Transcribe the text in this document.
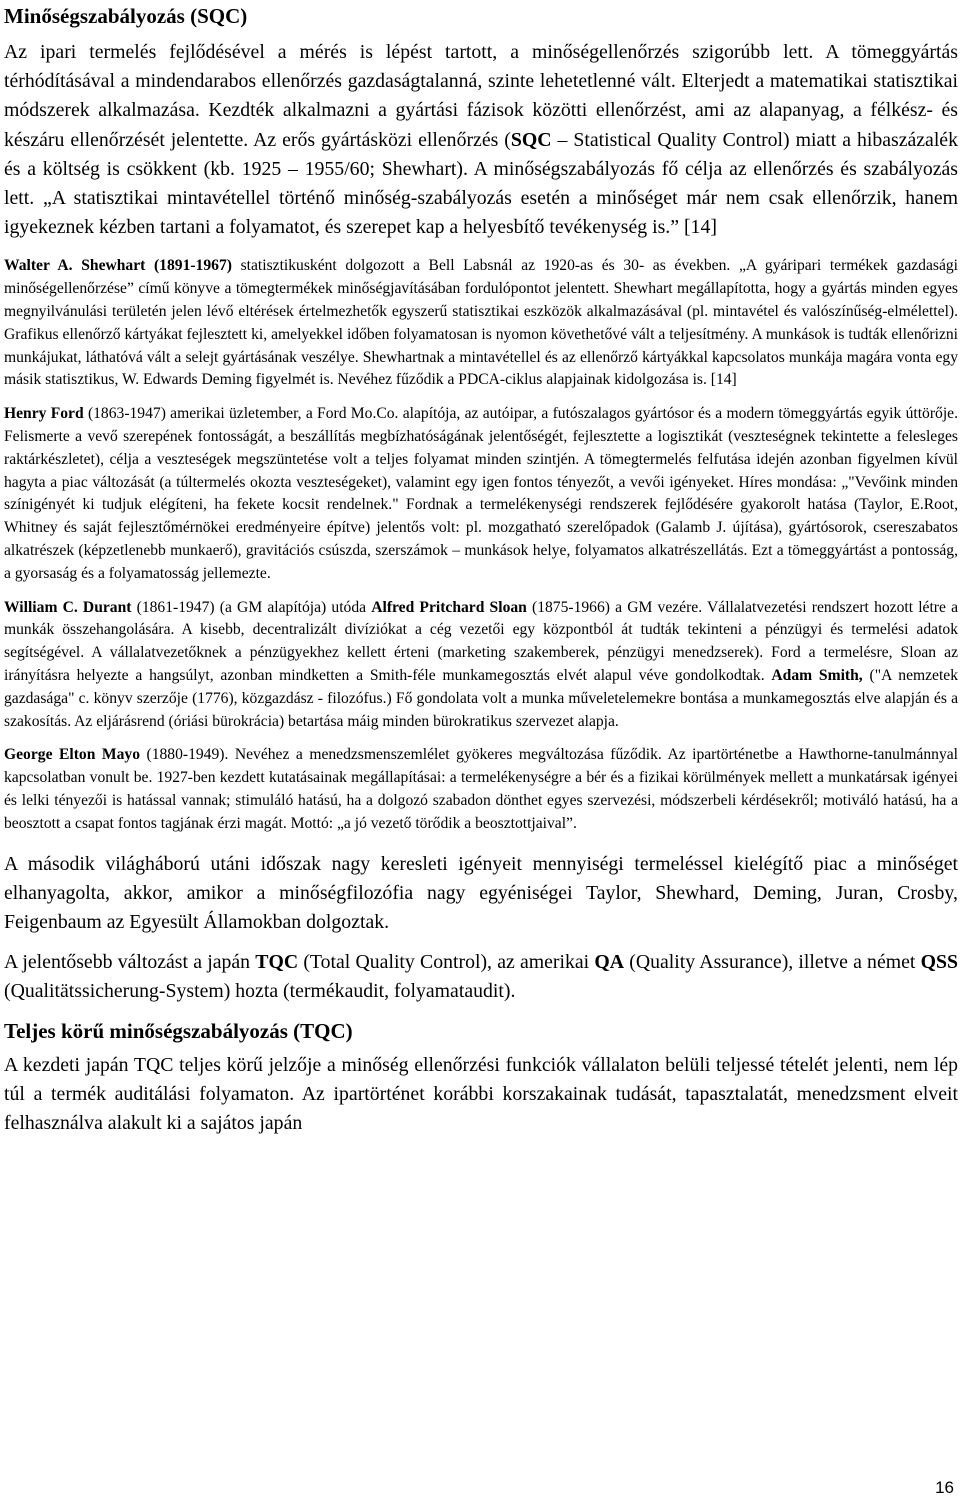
Minőségszabályozás (SQC)

Az ipari termelés fejlődésével a mérés is lépést tartott, a minőségellenőrzés szigorúbb lett. A tömeggyártás térhódításával a mindendarabos ellenőrzés gazdaságtalanná, szinte lehetetlenné vált. Elterjedt a matematikai statisztikai módszerek alkalmazása. Kezdték alkalmazni a gyártási fázisok közötti ellenőrzést, ami az alapanyag, a félkész- és készáru ellenőrzését jelentette. Az erős gyártásközi ellenőrzés (SQC – Statistical Quality Control) miatt a hibaszázalék és a költség is csökkent (kb. 1925 – 1955/60; Shewhart). A minőségszabályozás fő célja az ellenőrzés és szabályozás lett. „A statisztikai mintavétellel történő minőség-szabályozás esetén a minőséget már nem csak ellenőrzik, hanem igyekeznek kézben tartani a folyamatot, és szerepet kap a helyesbítő tevékenység is.” [14]

Walter A. Shewhart (1891-1967) statisztikusként dolgozott a Bell Labsnál az 1920-as és 30- as években. „A gyáripari termékek gazdasági minőségellenőrzése” című könyve a tömegtermékek minőségjavításában fordulópontot jelentett. Shewhart megállapította, hogy a gyártás minden egyes megnyilvánulási területén jelen lévő eltérések értelmezhetők egyszerű statisztikai eszközök alkalmazásával (pl. mintavétel és valószínűség-elmélettel). Grafikus ellenőrző kártyákat fejlesztett ki, amelyekkel időben folyamatosan is nyomon követhetővé vált a teljesítmény. A munkások is tudták ellenőrizni munkájukat, láthatóvá vált a selejt gyártásának veszélye. Shewhartnak a mintavétellel és az ellenőrző kártyákkal kapcsolatos munkája magára vonta egy másik statisztikus, W. Edwards Deming figyelmét is. Nevéhez fűződik a PDCA-ciklus alapjainak kidolgozása is. [14]

Henry Ford (1863-1947) amerikai üzletember, a Ford Mo.Co. alapítója, az autóipar, a futószalagos gyártósor és a modern tömeggyártás egyik úttörője. Felismerte a vevő szerepének fontosságát, a beszállítás megbízhatóságának jelentőségét, fejlesztette a logisztikát (veszteségnek tekintette a felesleges raktárkészletet), célja a veszteségek megszüntetése volt a teljes folyamat minden szintjén. A tömegtermelés felfutása idején azonban figyelmen kívül hagyta a piac változását (a túltermelés okozta veszteségeket), valamint egy igen fontos tényezőt, a vevői igényeket. Híres mondása: „"Vevőink minden színigényét ki tudjuk elégíteni, ha fekete kocsit rendelnek." Fordnak a termelékenységi rendszerek fejlődésére gyakorolt hatása (Taylor, E.Root, Whitney és saját fejlesztőmérnökei eredményeire építve) jelentős volt: pl. mozgatható szerelőpadok (Galamb J. újítása), gyártósorok, csereszabatos alkatrészek (képzetlenebb munkaerő), gravitációs csúszda, szerszámok – munkások helye, folyamatos alkatrészellátás. Ezt a tömeggyártást a pontosság, a gyorsaság és a folyamatosság jellemezte.

William C. Durant (1861-1947) (a GM alapítója) utóda Alfred Pritchard Sloan (1875-1966) a GM vezére. Vállalatvezetési rendszert hozott létre a munkák összehangolására. A kisebb, decentralizált divíziókat a cég vezetői egy központból át tudták tekinteni a pénzügyi és termelési adatok segítségével. A vállalatvezetőknek a pénzügyekhez kellett érteni (marketing szakemberek, pénzügyi menedzserek). Ford a termelésre, Sloan az irányításra helyezte a hangsúlyt, azonban mindketten a Smith-féle munkamegosztás elvét alapul véve gondolkodtak. Adam Smith, ("A nemzetek gazdasága" c. könyv szerzője (1776), közgazdász - filozófus.) Fő gondolata volt a munka műveletelemekre bontása a munkamegosztás elve alapján és a szakosítás. Az eljárásrend (óriási bürokrácia) betartása máig minden bürokratikus szervezet alapja.

George Elton Mayo (1880-1949). Nevéhez a menedzsmenszemlélet gyökeres megváltozása fűződik. Az ipartörténetbe a Hawthorne-tanulmánnyal kapcsolatban vonult be. 1927-ben kezdett kutatásainak megállapításai: a termelékenységre a bér és a fizikai körülmények mellett a munkatársak igényei és lelki tényezői is hatással vannak; stimuláló hatású, ha a dolgozó szabadon dönthet egyes szervezési, módszerbeli kérdésekről; motiváló hatású, ha a beosztott a csapat fontos tagjának érzi magát. Mottó: „a jó vezető törődik a beosztottjaival”.

A második világháború utáni időszak nagy keresleti igényeit mennyiségi termeléssel kielégítő piac a minőséget elhanyagolta, akkor, amikor a minőségfilozófia nagy egyéniségei Taylor, Shewhard, Deming, Juran, Crosby, Feigenbaum az Egyesült Államokban dolgoztak.

A jelentősebb változást a japán TQC (Total Quality Control), az amerikai QA (Quality Assurance), illetve a német QSS (Qualitätssicherung-System) hozta (termékaudit, folyamataudit).

Teljes körű minőségszabályozás (TQC)

A kezdeti japán TQC teljes körű jelzője a minőség ellenőrzési funkciók vállalaton belüli teljessé tételét jelenti, nem lép túl a termék auditálási folyamaton. Az ipartörténet korábbi korszakainak tudását, tapasztalatát, menedzsment elveit felhasználva alakult ki a sajátos japán

16
